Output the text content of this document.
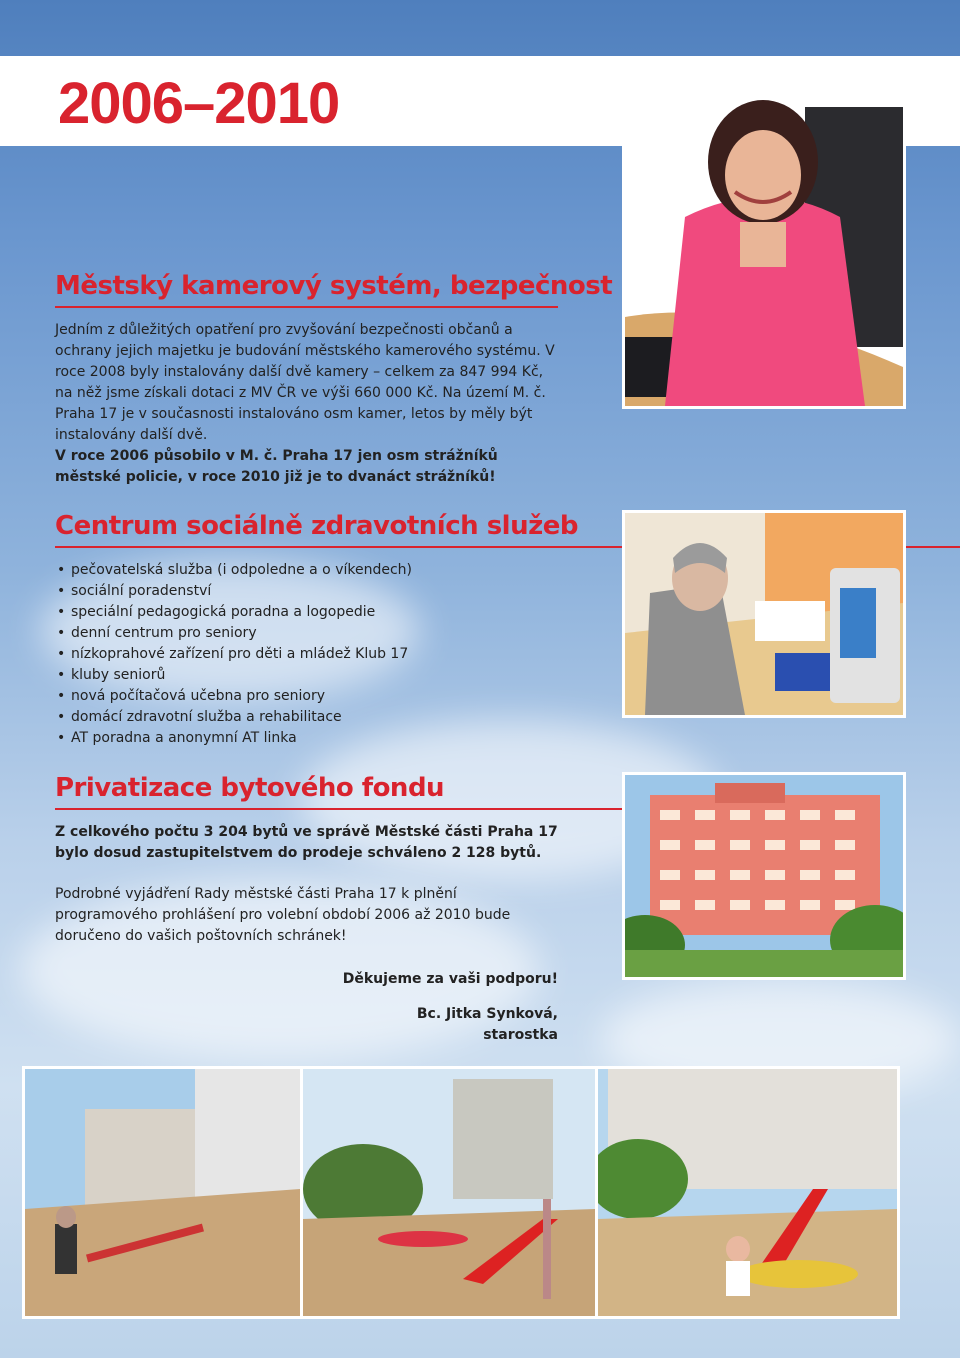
2006–2010
Městský kamerový systém, bezpečnost

Jedním z důležitých opatření pro zvyšování bezpečnosti občanů a ochrany jejich majetku je budování městského kamerového systému. V roce 2008 byly instalovány další dvě kamery – celkem za 847 994 Kč, na něž jsme získali dotaci z MV ČR ve výši 660 000 Kč. Na území M. č. Praha 17 je v současnosti instalováno osm kamer, letos by měly být instalovány další dvě.

V roce 2006 působilo v M. č. Praha 17 jen osm strážníků městské policie, v roce 2010 již je to dvanáct strážníků!

Centrum sociálně zdravotních služeb
• pečovatelská služba (i odpoledne a o víkendech)
• sociální poradenství
• speciální pedagogická poradna a logopedie
• denní centrum pro seniory
• nízkoprahové zařízení pro děti a mládež Klub 17
• kluby seniorů
• nová počítačová učebna pro seniory
• domácí zdravotní služba a rehabilitace
• AT poradna a anonymní AT linka
Privatizace bytového fondu

Z celkového počtu 3 204 bytů ve správě Městské části Praha 17 bylo dosud zastupitelstvem do prodeje schváleno 2 128 bytů.

Podrobné vyjádření Rady městské části Praha 17 k plnění programového prohlášení pro volební období 2006 až 2010 bude doručeno do vašich poštovních schránek!

Děkujeme za vaši podporu!

Bc. Jitka Synková,

starostka
